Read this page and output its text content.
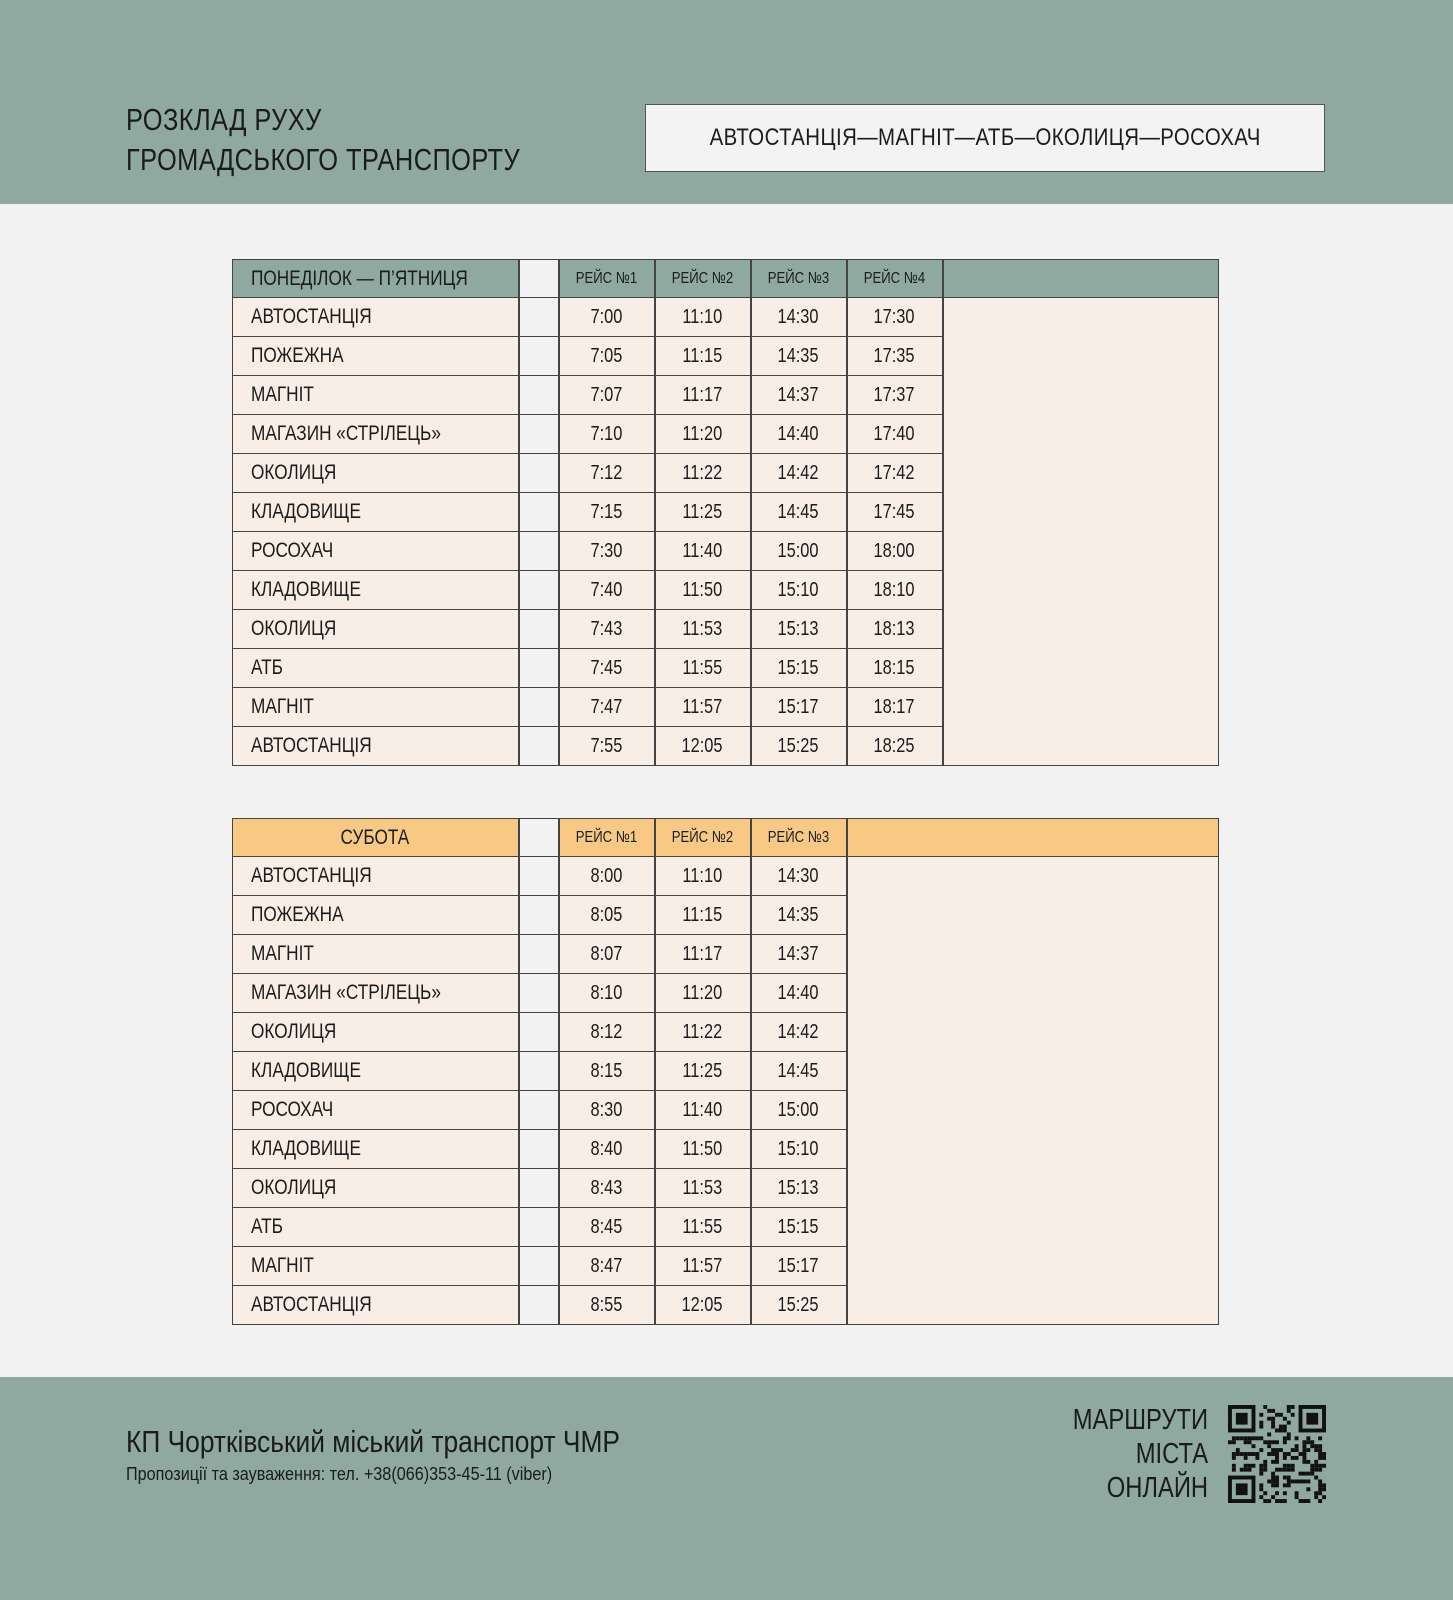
РОЗКЛАД РУХУ
ГРОМАДСЬКОГО ТРАНСПОРТУ
АВТОСТАНЦІЯ—МАГНІТ—АТБ—ОКОЛИЦЯ—РОСОХАЧ
ПОНЕДІЛОК — П’ЯТНИЦЯ	РЕЙС №1 РЕЙС №2 РЕЙС №3 РЕЙС №4
АВТОСТАНЦІЯ	7:00	11:10	14:30	17:30
ПОЖЕЖНА	7:05	11:15	14:35	17:35
МАГНІТ	7:07	11:17	14:37	17:37
МАГАЗИН «СТРІЛЕЦЬ»	7:10	11:20	14:40	17:40
ОКОЛИЦЯ	7:12	11:22	14:42	17:42
КЛАДОВИЩЕ	7:15	11:25	14:45	17:45
РОСОХАЧ	7:30	11:40	15:00	18:00
КЛАДОВИЩЕ	7:40	11:50	15:10	18:10
ОКОЛИЦЯ	7:43	11:53	15:13	18:13
АТБ	7:45	11:55	15:15	18:15
МАГНІТ	7:47	11:57	15:17	18:17
АВТОСТАНЦІЯ	7:55	12:05	15:25	18:25
СУБОТА	РЕЙС №1 РЕЙС №2 РЕЙС №3
АВТОСТАНЦІЯ	8:00	11:10	14:30
ПОЖЕЖНА	8:05	11:15	14:35
МАГНІТ	8:07	11:17	14:37
МАГАЗИН «СТРІЛЕЦЬ»	8:10	11:20	14:40
ОКОЛИЦЯ	8:12	11:22	14:42
КЛАДОВИЩЕ	8:15	11:25	14:45
РОСОХАЧ	8:30	11:40	15:00
КЛАДОВИЩЕ	8:40	11:50	15:10
ОКОЛИЦЯ	8:43	11:53	15:13
АТБ	8:45	11:55	15:15
МАГНІТ	8:47	11:57	15:17
АВТОСТАНЦІЯ	8:55	12:05	15:25
КП Чортківський міський транспорт ЧМР
Пропозиції та зауваження: тел. +38(066)353-45-11 (viber)
МАРШРУТИ
МІСТА
ОНЛАЙН
